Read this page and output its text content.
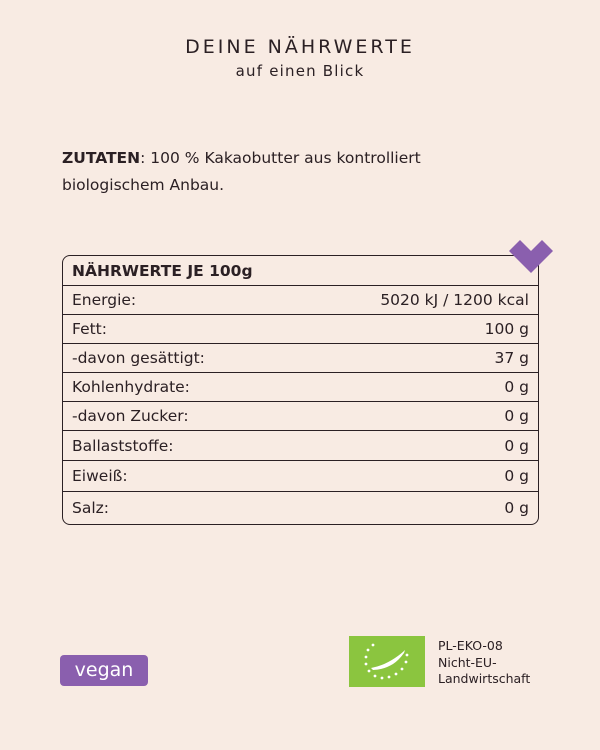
DEINE NÄHRWERTE
auf einen Blick
ZUTATEN: 100 % Kakaobutter aus kontrolliert biologischem Anbau.
NÄHRWERTE JE 100g
Energie:	5020 kJ / 1200 kcal
Fett:	100 g
-davon gesättigt:	37 g
Kohlenhydrate:	0 g
-davon Zucker:	0 g
Ballaststoffe:	0 g
Eiweiß:	0 g
Salz:	0 g
vegan
PL-EKO-08
Nicht-EU-
Landwirtschaft
